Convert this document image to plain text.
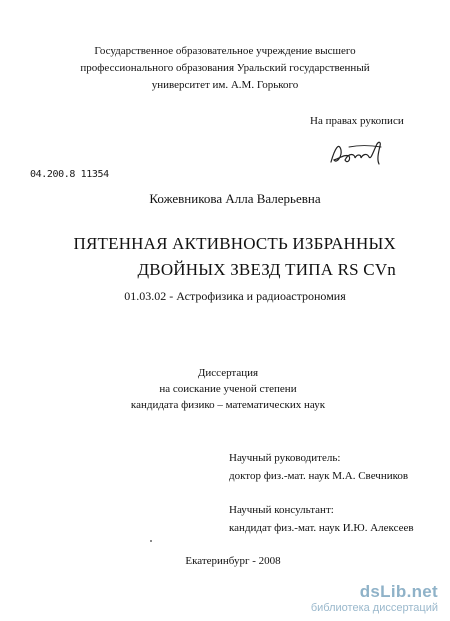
Государственное образовательное учреждение высшего
профессионального образования Уральский государственный
университет им. А.М. Горького
На правах рукописи
04.200.8 11354
Кожевникова Алла Валерьевна
ПЯТЕННАЯ АКТИВНОСТЬ ИЗБРАННЫХ
ДВОЙНЫХ ЗВЕЗД ТИПА RS CVn
01.03.02 - Астрофизика и радиоастрономия
Диссертация
на соискание ученой степени
кандидата физико – математических наук
Научный руководитель:
доктор физ.-мат. наук М.А. Свечников
Научный консультант:
кандидат физ.-мат. наук И.Ю. Алексеев
Екатеринбург - 2008
dsLib.net
библиотека диссертаций
